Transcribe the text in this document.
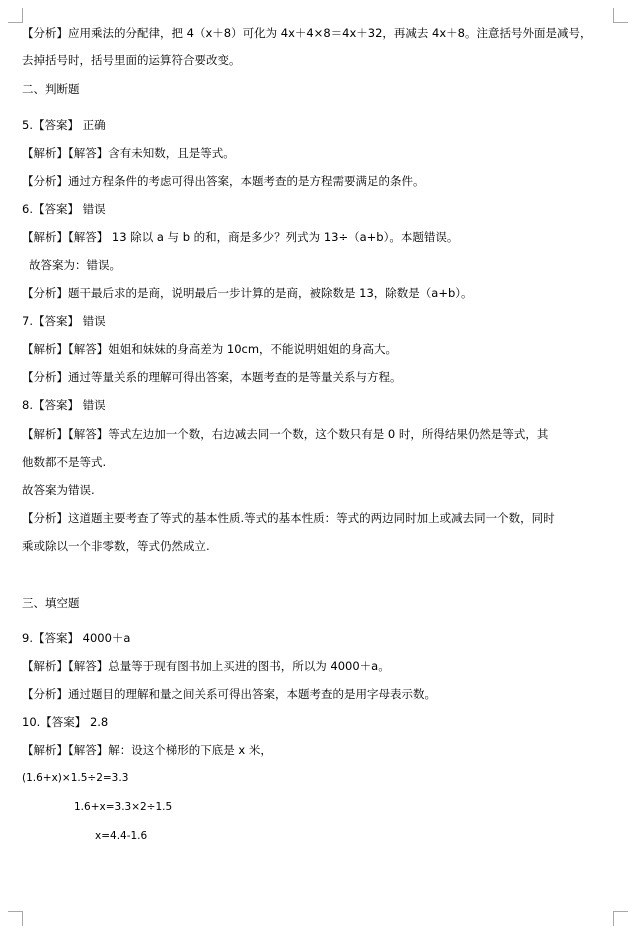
【分析】应用乘法的分配律，把 4（x＋8）可化为 4x＋4×8＝4x＋32，再减去 4x＋8。注意括号外面是减号，
去掉括号时，括号里面的运算符合要改变。
二、判断题
5.【答案】 正确
【解析】【解答】含有未知数，且是等式。
【分析】通过方程条件的考虑可得出答案，本题考查的是方程需要满足的条件。
6.【答案】 错误
【解析】【解答】 13 除以 a 与 b 的和，商是多少？列式为 13÷（a+b）。本题错误。
故答案为：错误。
【分析】题干最后求的是商，说明最后一步计算的是商，被除数是 13，除数是（a+b）。
7.【答案】 错误
【解析】【解答】姐姐和妹妹的身高差为 10cm，不能说明姐姐的身高大。
【分析】通过等量关系的理解可得出答案，本题考查的是等量关系与方程。
8.【答案】 错误
【解析】【解答】等式左边加一个数，右边减去同一个数，这个数只有是 0 时，所得结果仍然是等式，其
他数都不是等式.
故答案为错误.
【分析】这道题主要考查了等式的基本性质.等式的基本性质：等式的两边同时加上或减去同一个数，同时
乘或除以一个非零数，等式仍然成立.
三、填空题
9.【答案】 4000＋a
【解析】【解答】总量等于现有图书加上买进的图书，所以为 4000＋a。
【分析】通过题目的理解和量之间关系可得出答案，本题考查的是用字母表示数。
10.【答案】 2.8
【解析】【解答】解：设这个梯形的下底是 x 米，
(1.6+x)×1.5÷2=3.3
1.6+x=3.3×2÷1.5
x=4.4-1.6
